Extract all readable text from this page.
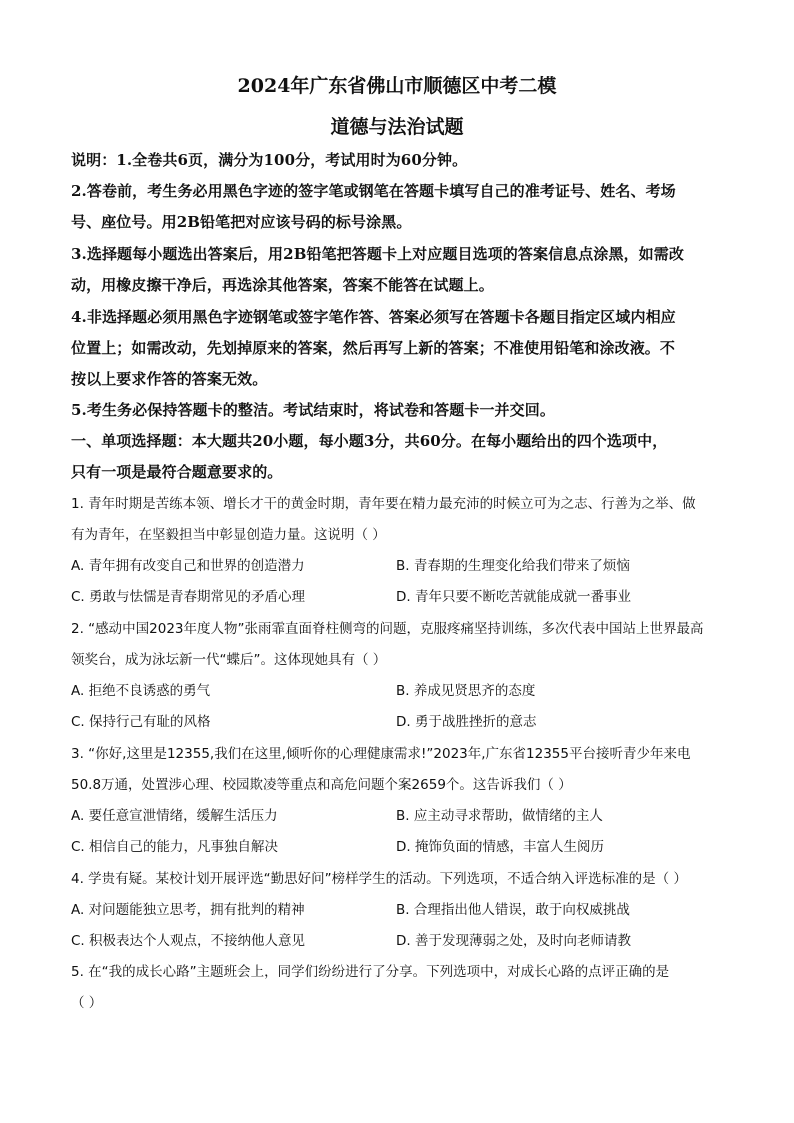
2024年广东省佛山市顺德区中考二模
道德与法治试题
说明：1.全卷共6页，满分为100分，考试用时为60分钟。
2.答卷前，考生务必用黑色字迹的签字笔或钢笔在答题卡填写自己的准考证号、姓名、考场
号、座位号。用2B铅笔把对应该号码的标号涂黑。
3.选择题每小题选出答案后，用2B铅笔把答题卡上对应题目选项的答案信息点涂黑，如需改
动，用橡皮擦干净后，再选涂其他答案，答案不能答在试题上。
4.非选择题必须用黑色字迹钢笔或签字笔作答、答案必须写在答题卡各题目指定区域内相应
位置上；如需改动，先划掉原来的答案，然后再写上新的答案；不准使用铅笔和涂改液。不
按以上要求作答的答案无效。
5.考生务必保持答题卡的整洁。考试结束时，将试卷和答题卡一并交回。
一、单项选择题：本大题共20小题，每小题3分，共60分。在每小题给出的四个选项中，
只有一项是最符合题意要求的。
1. 青年时期是苦练本领、增长才干的黄金时期，青年要在精力最充沛的时候立可为之志、行善为之举、做
有为青年，在坚毅担当中彰显创造力量。这说明（ ）
A. 青年拥有改变自己和世界的创造潜力	B. 青春期的生理变化给我们带来了烦恼
C. 勇敢与怯懦是青春期常见的矛盾心理	D. 青年只要不断吃苦就能成就一番事业
2. “感动中国2023年度人物”张雨霏直面脊柱侧弯的问题，克服疼痛坚持训练，多次代表中国站上世界最高
领奖台，成为泳坛新一代“蝶后”。这体现她具有（ ）
A. 拒绝不良诱惑的勇气	B. 养成见贤思齐的态度
C. 保持行己有耻的风格	D. 勇于战胜挫折的意志
3. “你好,这里是12355,我们在这里,倾听你的心理健康需求!”2023年,广东省12355平台接听青少年来电
50.8万通，处置涉心理、校园欺凌等重点和高危问题个案2659个。这告诉我们（ ）
A. 要任意宣泄情绪，缓解生活压力	B. 应主动寻求帮助，做情绪的主人
C. 相信自己的能力，凡事独自解决	D. 掩饰负面的情感，丰富人生阅历
4. 学贵有疑。某校计划开展评选“勤思好问”榜样学生的活动。下列选项，不适合纳入评选标准的是（ ）
A. 对问题能独立思考，拥有批判的精神	B. 合理指出他人错误，敢于向权威挑战
C. 积极表达个人观点，不接纳他人意见	D. 善于发现薄弱之处，及时向老师请教
5. 在“我的成长心路”主题班会上，同学们纷纷进行了分享。下列选项中，对成长心路的点评正确的是
（ ）
